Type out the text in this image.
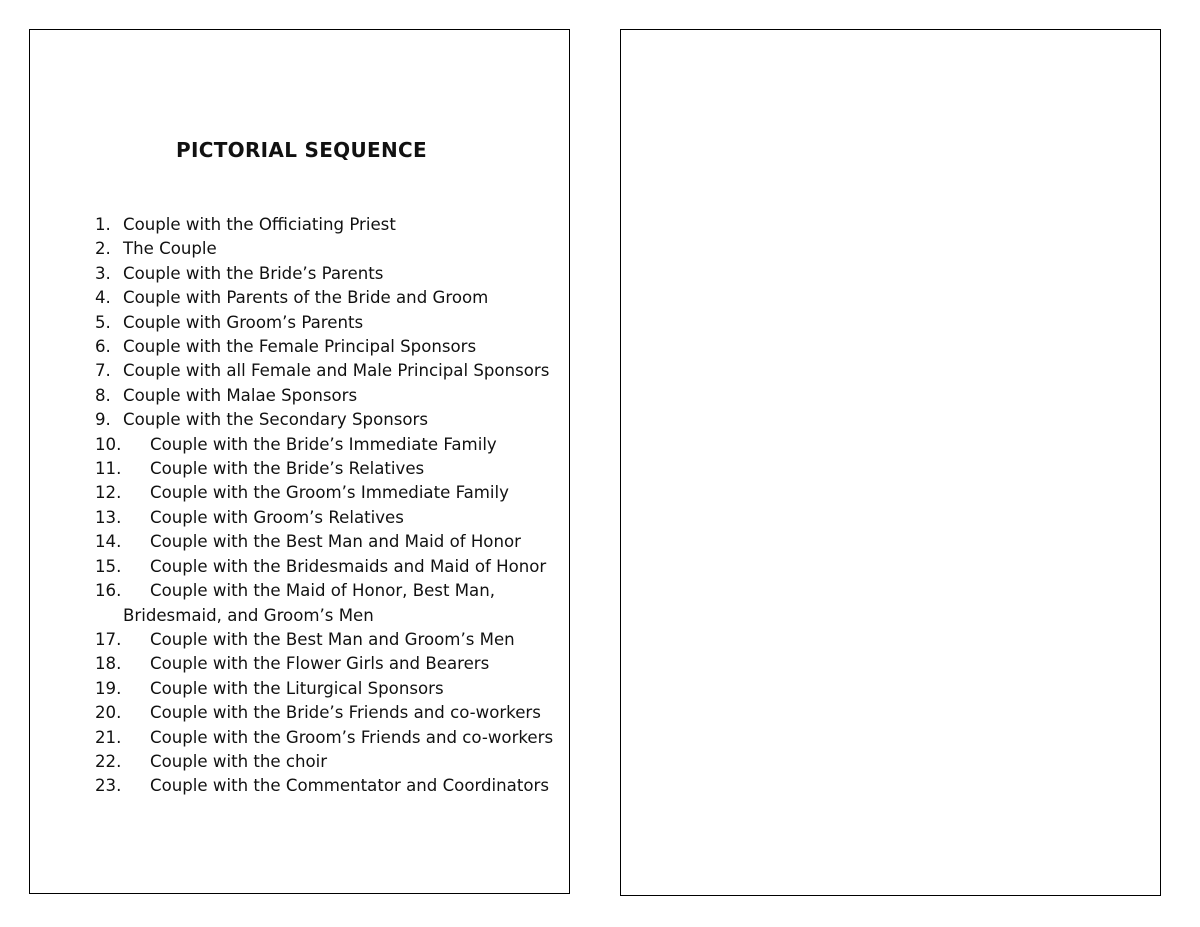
PICTORIAL SEQUENCE
1. Couple with the Officiating Priest
2. The Couple
3. Couple with the Bride’s Parents
4. Couple with Parents of the Bride and Groom
5. Couple with Groom’s Parents
6. Couple with the Female Principal Sponsors
7. Couple with all Female and Male Principal Sponsors
8. Couple with Malae Sponsors
9. Couple with the Secondary Sponsors
10.	Couple with the Bride’s Immediate Family
11.	Couple with the Bride’s Relatives
12.	Couple with the Groom’s Immediate Family
13.	Couple with Groom’s Relatives
14.	Couple with the Best Man and Maid of Honor
15.	Couple with the Bridesmaids and Maid of Honor
16.	Couple with the Maid of Honor, Best Man, Bridesmaid, and Groom’s Men
17.	Couple with the Best Man and Groom’s Men
18.	Couple with the Flower Girls and Bearers
19.	Couple with the Liturgical Sponsors
20.	Couple with the Bride’s Friends and co-workers
21.	Couple with the Groom’s Friends and co-workers
22.	Couple with the choir
23.	Couple with the Commentator and Coordinators
